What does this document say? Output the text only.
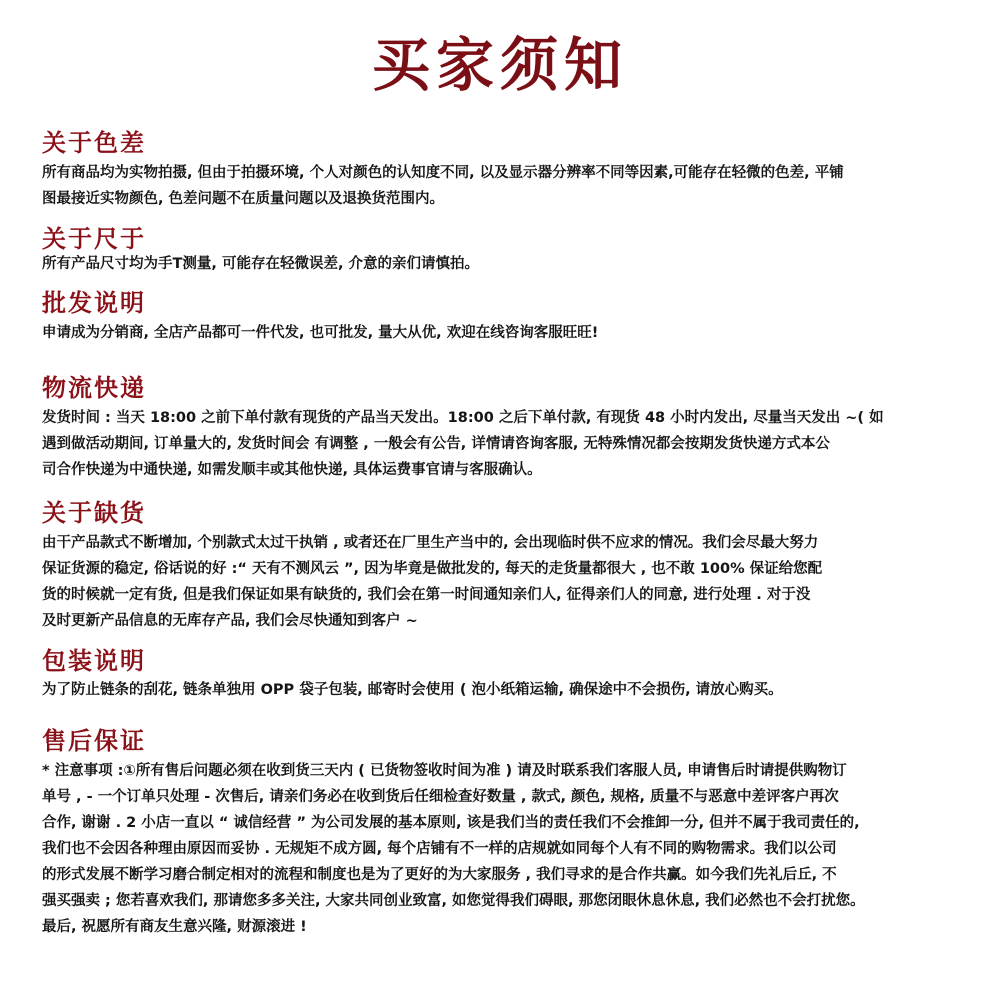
买家须知
关于色差
所有商品均为实物拍摄, 但由于拍摄环境, 个人对颜色的认知度不同, 以及显示器分辨率不同等因素,可能存在轻微的色差, 平铺
图最接近实物颜色, 色差问题不在质量问题以及退换货范围内。
关于尺于
所有产品尺寸均为手T测量, 可能存在轻微误差, 介意的亲们请慎拍。
批发说明
申请成为分销商, 全店产品都可一件代发, 也可批发, 量大从优, 欢迎在线咨询客服旺旺!
物流快递
发货时间 : 当天 18:00 之前下单付款有现货的产品当天发出。18:00 之后下单付款, 有现货 48 小时内发出, 尽量当天发出 ~( 如
遇到做活动期间, 订单量大的, 发货时间会 有调整 , 一般会有公告, 详情请咨询客服, 无特殊情况都会按期发货快递方式本公
司合作快递为中通快递, 如需发顺丰或其他快递, 具体运费事官请与客服确认。
关于缺货
由干产品款式不断增加, 个别款式太过干执销 , 或者还在厂里生产当中的, 会出现临时供不应求的情况。我们会尽最大努力
保证货源的稳定, 俗话说的好 :“ 天有不测风云 ”, 因为毕竟是做批发的, 每天的走货量都很大 , 也不敢 100% 保证给您配
货的时候就一定有货, 但是我们保证如果有缺货的, 我们会在第一时间通知亲们人, 征得亲们人的同意, 进行处理 . 对于没
及时更新产品信息的无库存产品, 我们会尽快通知到客户 ~
包装说明
为了防止链条的刮花, 链条单独用 OPP 袋子包装, 邮寄时会使用 ( 泡小纸箱运输, 确保途中不会损伤, 请放心购买。
售后保证
* 注意事项 :①所有售后问题必须在收到货三天内 ( 已货物签收时间为准 ) 请及时联系我们客服人员, 申请售后时请提供购物订
单号 , - 一个订单只处理 - 次售后, 请亲们务必在收到货后任细检查好数量 , 款式, 颜色, 规格, 质量不与恶意中差评客户再次
合作, 谢谢 . 2 小店一直以 “ 诚信经营 ” 为公司发展的基本原则, 该是我们当的责任我们不会推卸一分, 但并不属于我司责任的,
我们也不会因各种理由原因而妥协 . 无规矩不成方圆, 每个店铺有不一样的店规就如同每个人有不同的购物需求。我们以公司
的形式发展不断学习磨合制定相对的流程和制度也是为了更好的为大家服务 , 我们寻求的是合作共赢。如今我们先礼后丘, 不
强买强卖 ; 您若喜欢我们, 那请您多多关注, 大家共同创业致富, 如您觉得我们碍眼, 那您闭眼休息休息, 我们必然也不会打扰您。
最后, 祝愿所有商友生意兴隆, 财源滚进 !
